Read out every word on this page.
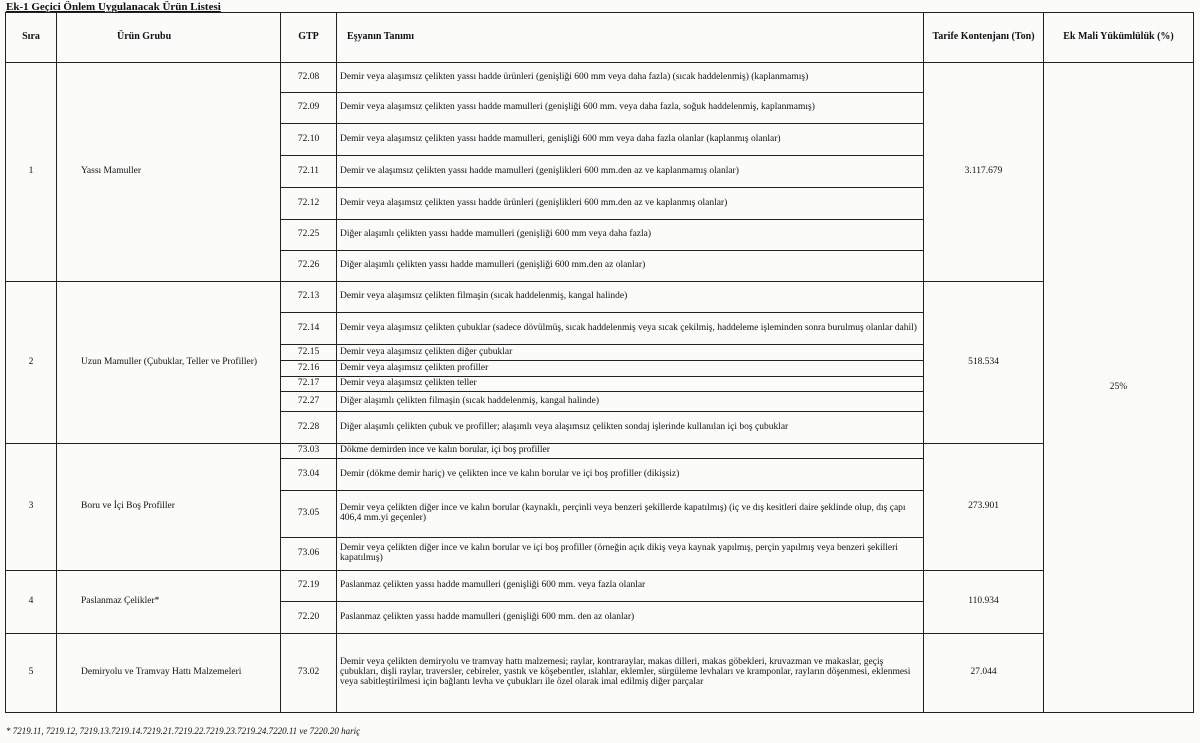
Ek-1 Geçici Önlem Uygulanacak Ürün Listesi
Sıra	Ürün Grubu	GTP	Eşyanın Tanımı	Tarife Kontenjanı (Ton)	Ek Mali Yükümlülük (%)
1	Yassı Mamuller	72.08	Demir veya alaşımsız çelikten yassı hadde ürünleri (genişliği 600 mm veya daha fazla) (sıcak haddelenmiş) (kaplanmamış)	3.117.679	25%
		72.09	Demir veya alaşımsız çelikten yassı hadde mamulleri (genişliği 600 mm. veya daha fazla, soğuk haddelenmiş, kaplanmamış)		
		72.10	Demir veya alaşımsız çelikten yassı hadde mamulleri, genişliği 600 mm veya daha fazla olanlar (kaplanmış olanlar)		
		72.11	Demir ve alaşımsız çelikten yassı hadde mamulleri (genişlikleri 600 mm.den az ve kaplanmamış olanlar)		
		72.12	Demir veya alaşımsız çelikten yassı hadde ürünleri (genişlikleri 600 mm.den az ve kaplanmış olanlar)		
		72.25	Diğer alaşımlı çelikten yassı hadde mamulleri (genişliği 600 mm veya daha fazla)		
		72.26	Diğer alaşımlı çelikten yassı hadde mamulleri (genişliği 600 mm.den az olanlar)		
2	Uzun Mamuller (Çubuklar, Teller ve Profiller)	72.13	Demir veya alaşımsız çelikten filmaşin (sıcak haddelenmiş, kangal halinde)	518.534	
		72.14	Demir veya alaşımsız çelikten çubuklar (sadece dövülmüş, sıcak haddelenmiş veya sıcak çekilmiş, haddeleme işleminden sonra burulmuş olanlar dahil)		
		72.15	Demir veya alaşımsız çelikten diğer çubuklar		
		72.16	Demir veya alaşımsız çelikten profiller		
		72.17	Demir veya alaşımsız çelikten teller		
		72.27	Diğer alaşımlı çelikten filmaşin (sıcak haddelenmiş, kangal halinde)		
		72.28	Diğer alaşımlı çelikten çubuk ve profiller; alaşımlı veya alaşımsız çelikten sondaj işlerinde kullanılan içi boş çubuklar		
3	Boru ve İçi Boş Profiller	73.03	Dökme demirden ince ve kalın borular, içi boş profiller	273.901	
		73.04	Demir (dökme demir hariç) ve çelikten ince ve kalın borular ve içi boş profiller (dikişsiz)		
		73.05	Demir veya çelikten diğer ince ve kalın borular (kaynaklı, perçinli veya benzeri şekillerde kapatılmış) (iç ve dış kesitleri daire şeklinde olup, dış çapı 406,4 mm.yi geçenler)		
		73.06	Demir veya çelikten diğer ince ve kalın borular ve içi boş profiller (örneğin açık dikiş veya kaynak yapılmış, perçin yapılmış veya benzeri şekilleri kapatılmış)		
4	Paslanmaz Çelikler*	72.19	Paslanmaz çelikten yassı hadde mamulleri (genişliği 600 mm. veya fazla olanlar	110.934	
		72.20	Paslanmaz çelikten yassı hadde mamulleri (genişliği 600 mm. den az olanlar)		
5	Demiryolu ve Tramvay Hattı Malzemeleri	73.02	Demir veya çelikten demiryolu ve tramvay hattı malzemesi; raylar, kontraraylar, makas dilleri, makas göbekleri, kruvazman ve makaslar, geçiş çubukları, dişli raylar, traversler, cebireler, yastık ve köşebentler, ıslahlar, eklemler, sürgüleme levhaları ve kramponlar, rayların döşenmesi, eklenmesi veya sabitleştirilmesi için bağlantı levha ve çubukları ile özel olarak imal edilmiş diğer parçalar	27.044	
* 7219.11, 7219.12, 7219.13.7219.14.7219.21.7219.22.7219.23.7219.24.7220.11 ve 7220.20 hariç
